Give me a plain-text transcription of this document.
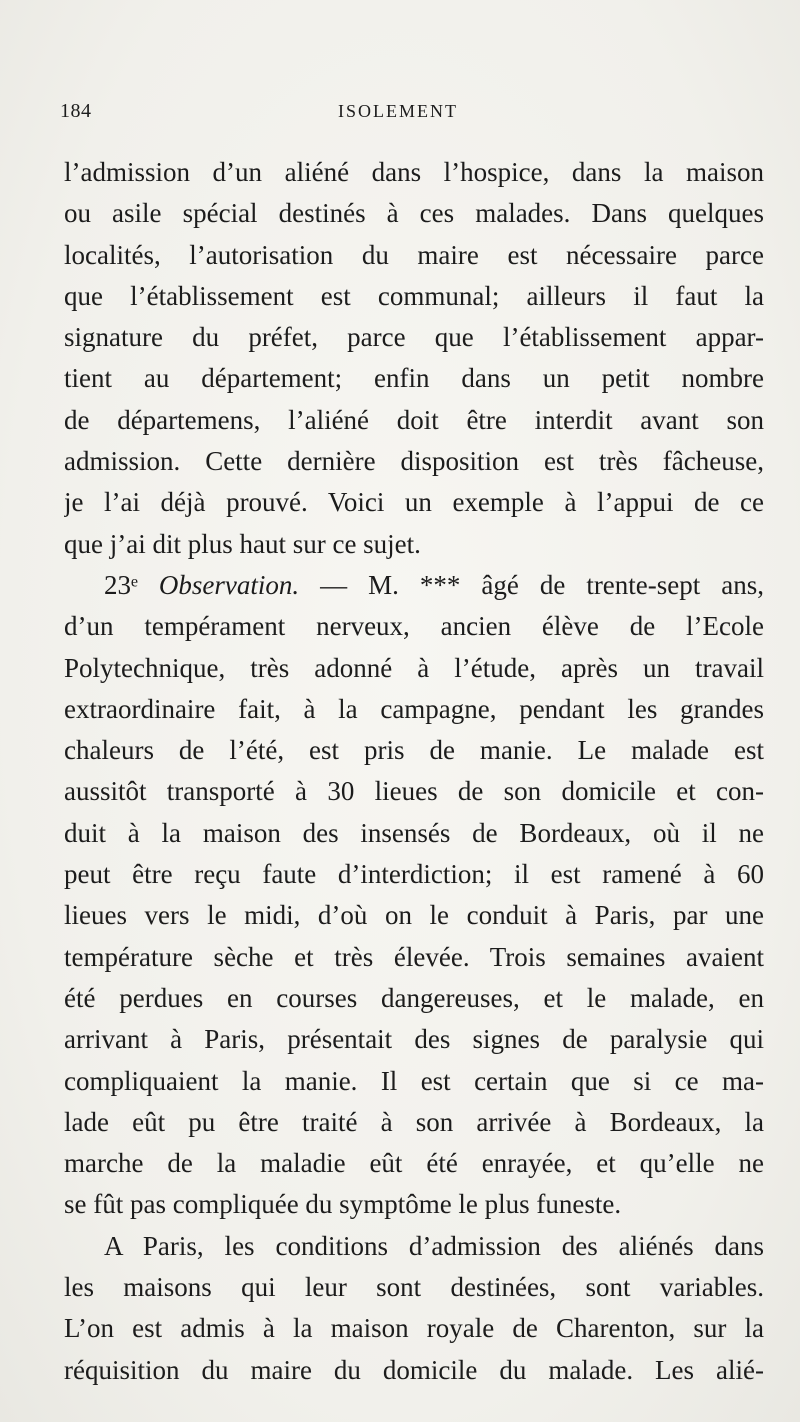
184	ISOLEMENT
l’admission d’un aliéné dans l’hospice, dans la maison
ou asile spécial destinés à ces malades. Dans quelques
localités, l’autorisation du maire est nécessaire parce
que l’établissement est communal; ailleurs il faut la
signature du préfet, parce que l’établissement appar-
tient au département; enfin dans un petit nombre
de départemens, l’aliéné doit être interdit avant son
admission. Cette dernière disposition est très fâcheuse,
je l’ai déjà prouvé. Voici un exemple à l’appui de ce
que j’ai dit plus haut sur ce sujet.
23ᵉ Observation. — M. *** âgé de trente-sept ans,
d’un tempérament nerveux, ancien élève de l’Ecole
Polytechnique, très adonné à l’étude, après un travail
extraordinaire fait, à la campagne, pendant les grandes
chaleurs de l’été, est pris de manie. Le malade est
aussitôt transporté à 30 lieues de son domicile et con-
duit à la maison des insensés de Bordeaux, où il ne
peut être reçu faute d’interdiction; il est ramené à 60
lieues vers le midi, d’où on le conduit à Paris, par une
température sèche et très élevée. Trois semaines avaient
été perdues en courses dangereuses, et le malade, en
arrivant à Paris, présentait des signes de paralysie qui
compliquaient la manie. Il est certain que si ce ma-
lade eût pu être traité à son arrivée à Bordeaux, la
marche de la maladie eût été enrayée, et qu’elle ne
se fût pas compliquée du symptôme le plus funeste.
A Paris, les conditions d’admission des aliénés dans
les maisons qui leur sont destinées, sont variables.
L’on est admis à la maison royale de Charenton, sur la
réquisition du maire du domicile du malade. Les alié-
